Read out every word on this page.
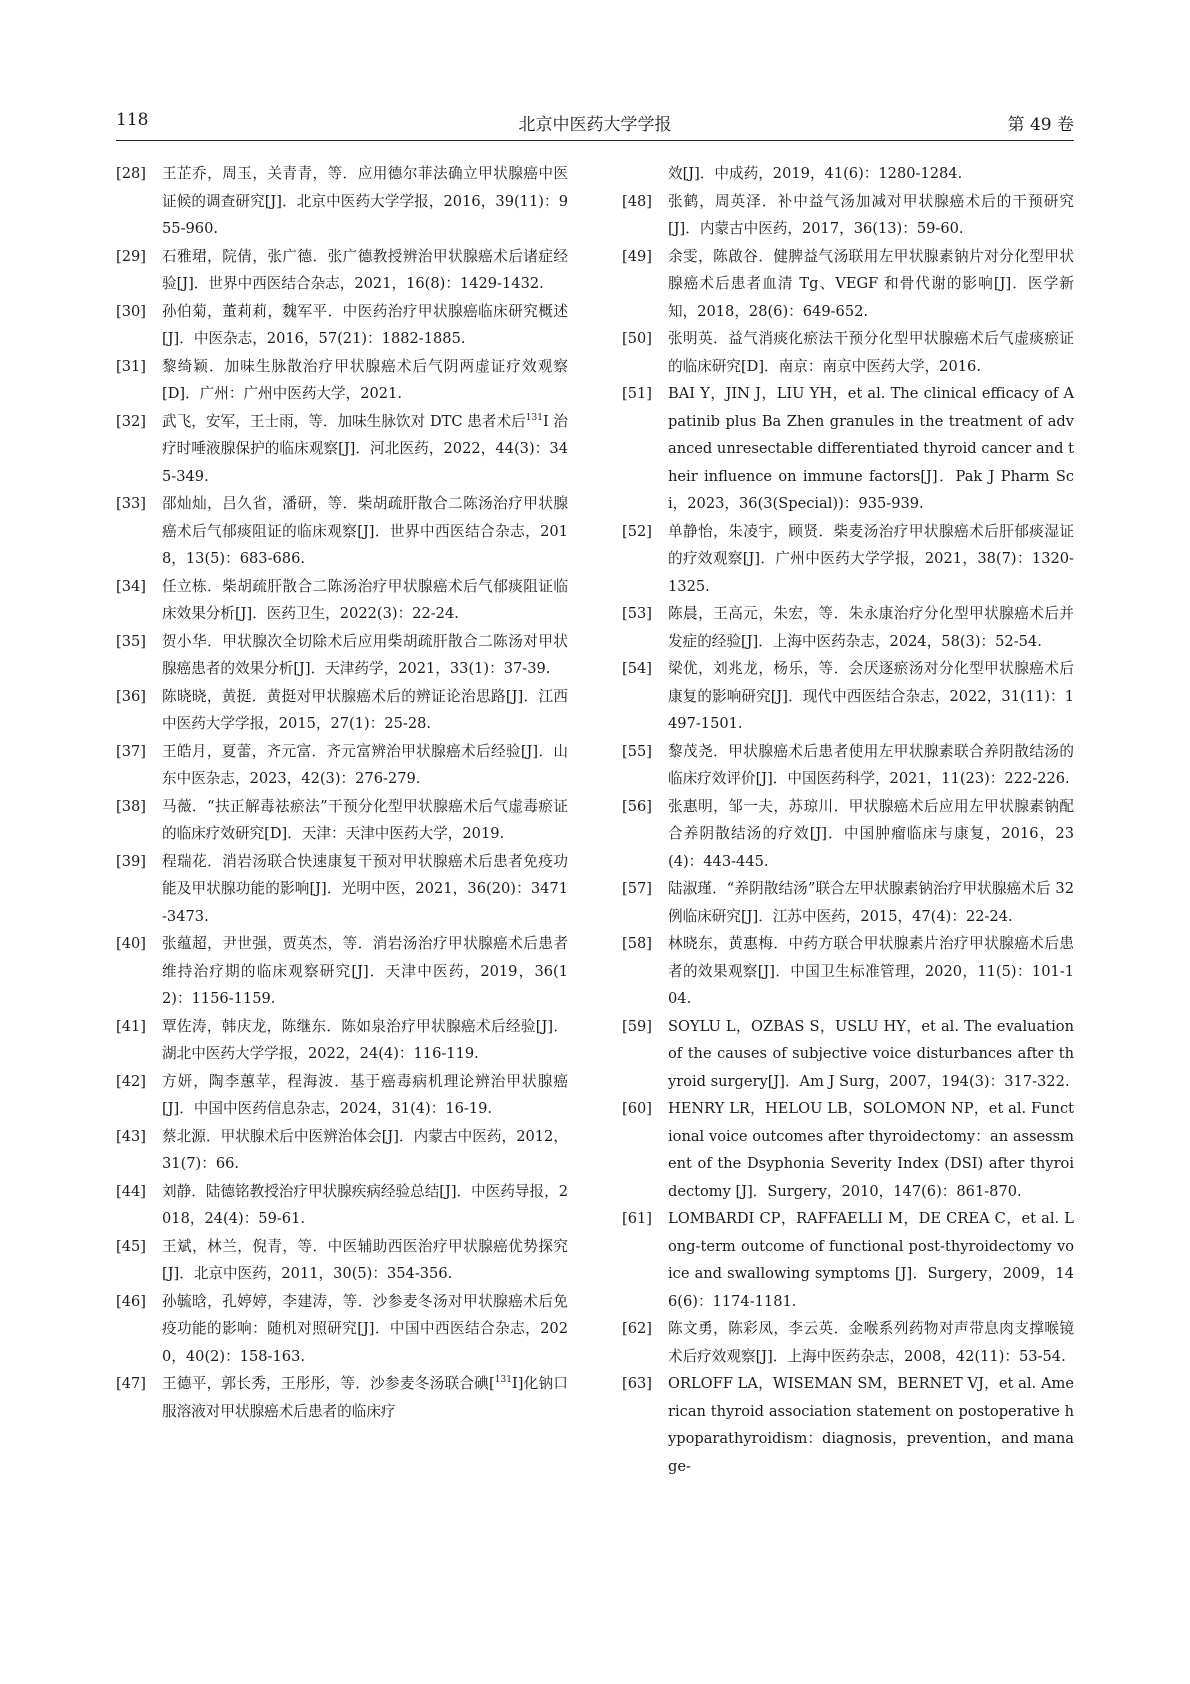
118	北京中医药大学学报	第 49 卷
[28]	王芷乔，周玉，关青青，等．应用德尔菲法确立甲状腺癌中医证候的调查研究[J]．北京中医药大学学报，2016，39(11)：955-960.
[29]	石雅珺，院倩，张广德．张广德教授辨治甲状腺癌术后诸症经验[J]．世界中西医结合杂志，2021，16(8)：1429-1432.
[30]	孙伯菊，董莉莉，魏军平．中医药治疗甲状腺癌临床研究概述[J]．中医杂志，2016，57(21)：1882-1885.
[31]	黎绮颖．加味生脉散治疗甲状腺癌术后气阴两虚证疗效观察[D]．广州：广州中医药大学，2021.
[32]	武飞，安军，王士雨，等．加味生脉饮对 DTC 患者术后$^{131}$I 治疗时唾液腺保护的临床观察[J]．河北医药，2022，44(3)：345-349.
[33]	邵灿灿，吕久省，潘研，等．柴胡疏肝散合二陈汤治疗甲状腺癌术后气郁痰阻证的临床观察[J]．世界中西医结合杂志，2018，13(5)：683-686.
[34]	任立栋．柴胡疏肝散合二陈汤治疗甲状腺癌术后气郁痰阻证临床效果分析[J]．医药卫生，2022(3)：22-24.
[35]	贺小华．甲状腺次全切除术后应用柴胡疏肝散合二陈汤对甲状腺癌患者的效果分析[J]．天津药学，2021，33(1)：37-39.
[36]	陈晓晓，黄挺．黄挺对甲状腺癌术后的辨证论治思路[J]．江西中医药大学学报，2015，27(1)：25-28.
[37]	王皓月，夏蕾，齐元富．齐元富辨治甲状腺癌术后经验[J]．山东中医杂志，2023，42(3)：276-279.
[38]	马薇．“扶正解毒祛瘀法”干预分化型甲状腺癌术后气虚毒瘀证的临床疗效研究[D]．天津：天津中医药大学，2019.
[39]	程瑞花．消岩汤联合快速康复干预对甲状腺癌术后患者免疫功能及甲状腺功能的影响[J]．光明中医，2021，36(20)：3471-3473.
[40]	张蕴超，尹世强，贾英杰，等．消岩汤治疗甲状腺癌术后患者维持治疗期的临床观察研究[J]．天津中医药，2019，36(12)：1156-1159.
[41]	覃佐涛，韩庆龙，陈继东．陈如泉治疗甲状腺癌术后经验[J]．湖北中医药大学学报，2022，24(4)：116-119.
[42]	方妍，陶李蕙苹，程海波．基于癌毒病机理论辨治甲状腺癌[J]．中国中医药信息杂志，2024，31(4)：16-19.
[43]	蔡北源．甲状腺术后中医辨治体会[J]．内蒙古中医药，2012，31(7)：66.
[44]	刘静．陆德铭教授治疗甲状腺疾病经验总结[J]．中医药导报，2018，24(4)：59-61.
[45]	王斌，林兰，倪青，等．中医辅助西医治疗甲状腺癌优势探究[J]．北京中医药，2011，30(5)：354-356.
[46]	孙毓晗，孔婷婷，李建涛，等．沙参麦冬汤对甲状腺癌术后免疫功能的影响：随机对照研究[J]．中国中西医结合杂志，2020，40(2)：158-163.
[47]	王德平，郭长秀，王彤彤，等．沙参麦冬汤联合碘[$^{131}$I]化钠口服溶液对甲状腺癌术后患者的临床疗
效[J]．中成药，2019，41(6)：1280-1284.
[48]	张鹤，周英泽．补中益气汤加减对甲状腺癌术后的干预研究[J]．内蒙古中医药，2017，36(13)：59-60.
[49]	余雯，陈啟谷．健脾益气汤联用左甲状腺素钠片对分化型甲状腺癌术后患者血清 Tg、VEGF 和骨代谢的影响[J]．医学新知，2018，28(6)：649-652.
[50]	张明英．益气消痰化瘀法干预分化型甲状腺癌术后气虚痰瘀证的临床研究[D]．南京：南京中医药大学，2016.
[51]	BAI Y，JIN J，LIU YH，et al. The clinical efficacy of Apatinib plus Ba Zhen granules in the treatment of advanced unresectable differentiated thyroid cancer and their influence on immune factors[J]．Pak J Pharm Sci，2023，36(3(Special))：935-939.
[52]	单静怡，朱凌宇，顾贤．柴麦汤治疗甲状腺癌术后肝郁痰湿证的疗效观察[J]．广州中医药大学学报，2021，38(7)：1320-1325.
[53]	陈晨，王高元，朱宏，等．朱永康治疗分化型甲状腺癌术后并发症的经验[J]．上海中医药杂志，2024，58(3)：52-54.
[54]	梁优，刘兆龙，杨乐，等．会厌逐瘀汤对分化型甲状腺癌术后康复的影响研究[J]．现代中西医结合杂志，2022，31(11)：1497-1501.
[55]	黎茂尧．甲状腺癌术后患者使用左甲状腺素联合养阴散结汤的临床疗效评价[J]．中国医药科学，2021，11(23)：222-226.
[56]	张惠明，邹一夫，苏琼川．甲状腺癌术后应用左甲状腺素钠配合养阴散结汤的疗效[J]．中国肿瘤临床与康复，2016，23(4)：443-445.
[57]	陆淑瑾．“养阴散结汤”联合左甲状腺素钠治疗甲状腺癌术后 32 例临床研究[J]．江苏中医药，2015，47(4)：22-24.
[58]	林晓东，黄惠梅．中药方联合甲状腺素片治疗甲状腺癌术后患者的效果观察[J]．中国卫生标准管理，2020，11(5)：101-104.
[59]	SOYLU L，OZBAS S，USLU HY，et al. The evaluation of the causes of subjective voice disturbances after thyroid surgery[J]．Am J Surg，2007，194(3)：317-322.
[60]	HENRY LR，HELOU LB，SOLOMON NP，et al. Functional voice outcomes after thyroidectomy：an assessment of the Dsyphonia Severity Index (DSI) after thyroidectomy [J]．Surgery，2010，147(6)：861-870.
[61]	LOMBARDI CP，RAFFAELLI M，DE CREA C，et al. Long-term outcome of functional post-thyroidectomy voice and swallowing symptoms [J]．Surgery，2009，146(6)：1174-1181.
[62]	陈文勇，陈彩凤，李云英．金喉系列药物对声带息肉支撑喉镜术后疗效观察[J]．上海中医药杂志，2008，42(11)：53-54.
[63]	ORLOFF LA，WISEMAN SM，BERNET VJ，et al. American thyroid association statement on postoperative hypoparathyroidism：diagnosis，prevention，and manage-
